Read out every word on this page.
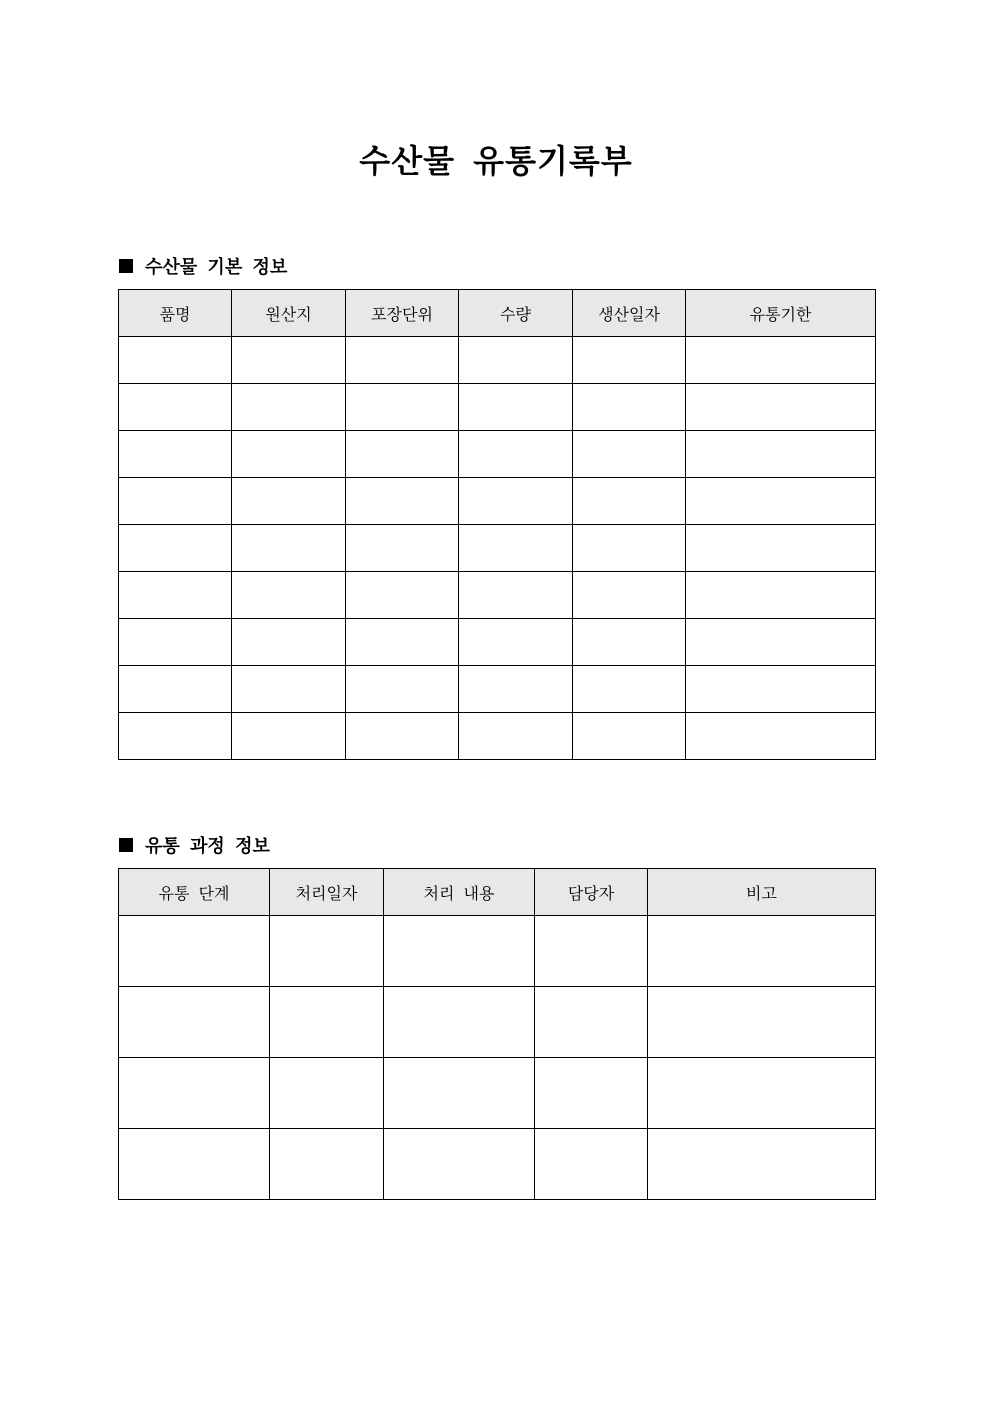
수산물 유통기록부
수산물 기본 정보
품명	원산지	포장단위	수량	생산일자	유통기한

유통 과정 정보
유통 단계	처리일자	처리 내용	담당자	비고
